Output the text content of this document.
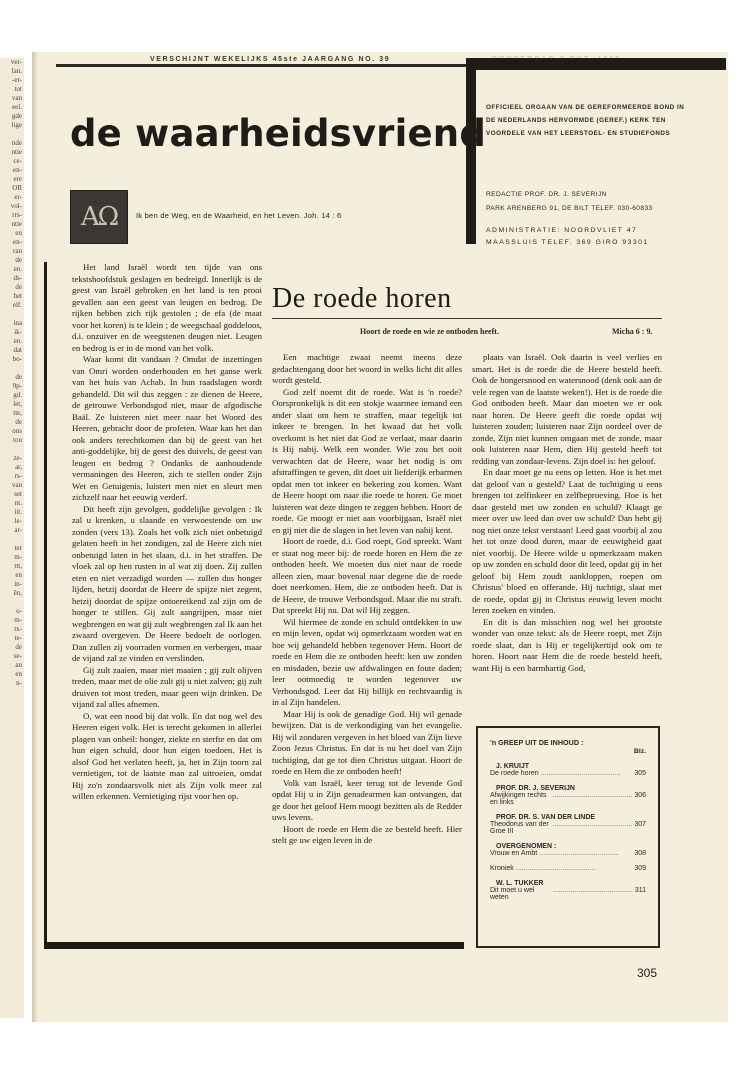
ver-
lan.
-er-
tot
van
eel.
gde
lige

nde
ntie
ce-
en-
ere
OR
er-
vol-
rrs-
ntie
en
en-
ran
de
en.
ds-
de
het
elf.

ina
ik-
en.
dat
bo-

de
9p-
gd.
let,
tte,
de
ons
tou

ze-
ar,
rs-
van
set
nt.
iit.
le-
ar-

ter
m-
ttt,
en
in-
ên,

o-
m-
tx-
te-
de
se-
an
en
n-
VERSCHIJNT WEKELIJKS 45ste JAARGANG NO. 39
de waarheidsvriend
OFFICIEEL ORGAAN VAN DE GEREFORMEERDE BOND IN DE NEDERLANDS HERVORMDE (GEREF.) KERK TEN VOORDELE VAN HET LEERSTOEL- EN STUDIEFONDS
REDACTIE PROF. DR. J. SEVERIJN
PARK ARENBERG 91, DE BILT TELEF. 030-60833
ADMINISTRATIE: NOORDVLIET 47
MAASSLUIS TELEF. 369 GIRO 93301
AΩ Ik ben de Weg, en de Waarheid, en het Leven. Joh. 14 : 6
De roede horen
Hoort de roede en wie ze ontboden heeft.	Micha 6 : 9.

Het land Israël wordt ten tijde van ons tekstshoofdstuk geslagen en bedreigd. Innerlijk is de geest van Israël gebroken en het land is ten prooi gevallen aan een geest van leugen en bedrog. De rijken hebben zich rijk gestolen ; de efa (de maat voor het koren) is te klein ; de weegschaal goddeloos, d.i. onzuiver en de weegstenen deugen niet. Leugen en bedrog is er in de mond van het volk.

Waar komt dit vandaan ? Omdat de inzettingen van Omri worden onderhouden en het ganse werk van het huis van Achab. In hun raadslagen wordt gehandeld. Dit wil dus zeggen : ze dienen de Heere, de getrouwe Verbondsgod niet, maar de afgodische Baäl. Ze luisteren niet meer naar het Woord des Heeren, gebracht door de profeten. Waar kan het dan ook anders terechtkomen dan bij de geest van het anti-goddelijke, bij de geest des duivels, de geest van leugen en bedrog ? Ondanks de aanhoudende vermaningen des Heeren, zich te stellen onder Zijn Wet en Getuigenis, luistert men niet en sleurt men zichzelf naar het eeuwig verderf.

Dit heeft zijn gevolgen, goddelijke gevolgen : Ik zal u krenken, u slaande en verwoestende om uw zonden (vers 13). Zoals het volk zich niet onbetuigd gelaten heeft in het zondigen, zal de Heere zich niet onbetuigd laten in het slaan, d.i. in het straffen. De vloek zal op hen rusten in al wat zij doen. Zij zullen eten en niet verzadigd worden — zullen dus honger lijden, hetzij doordat de Heere de spijze niet zegent, hetzij doordat de spijze ontoereikend zal zijn om de honger te stillen. Gij zult aangrijpen, maar niet wegbrengen en wat gij zult wegbrengen zal Ik aan het zwaard overgeven. De Heere bedoelt de oorlogen. Dan zullen zij voorraden vormen en verbergen, maar de vijand zal ze vinden en verslinden.

Gij zult zaaien, maar niet maaien ; gij zult olijven treden, maar met de olie zult gij u niet zalven; gij zult druiven tot most treden, maar geen wijn drinken. De vijand zal alles afnemen.

O, wat een nood bij dat volk. En dat nog wel des Heeren eigen volk. Het is terecht gekomen in allerlei plagen van onheil: honger, ziekte en sterfte en dat om hun eigen schuld, door hun eigen toedoen. Het is alsof God het verlaten heeft, ja, het in Zijn toorn zal vernietigen, tot de laatste man zal uitroeien, omdat Hij zo'n zondaarsvolk niet als Zijn volk meer zal willen erkennen. Vernietiging rijst voor hen op.

Een machtige zwaai neemt ineens deze gedachtengang door het woord in welks licht dit alles wordt gesteld.

God zelf noemt dit de roede. Wat is 'n roede? Oorspronkelijk is dit een stokje waarmee iemand een ander slaat om hem te straffen, maar tegelijk tot inkeer te brengen. In het kwaad dat het volk overkomt is het niet dat God ze verlaat, maar daarin is Hij nabij. Welk een wonder. Wie zou het ooit verwachten dat de Heere, waar het nodig is om afstraffingen te geven, dit doet uit liefderijk erbarmen opdat men tot inkeer en bekering zou komen. Want de Heere hoopt om naar die roede te horen. Ge moet luisteren wat deze dingen te zeggen hebben. Hoort de roede. Ge moogt er niet aan voorbijgaan, Israël niet en gij niet die de slagen in het leven van nabij kent.

Hoort de roede, d.i. God roept, God spreekt. Want er staat nog meer bij: de roede horen en Hem die ze ontboden heeft. We moeten dus niet naar de roede alleen zien, maar bovenal naar degene die de roede doet neerkomen. Hem, die ze ontboden heeft. Dat is de Heere, de trouwe Verbondsgod. Maar die nu straft. Dat spreekt Hij nu. Dat wil Hij zeggen.

Wil hiermee de zonde en schuld ontdekken in uw en mijn leven, opdat wij opmerkzaam worden wat en hoe wij gehandeld hebben tegenover Hem. Hoort de roede en Hem die ze ontboden heeft: ken uw zonden en misdaden, bezie uw afdwalingen en foute daden; leer ootmoedig te worden tegenover uw Verbondsgod. Leer dat Hij billijk en rechtvaardig is in al Zijn handelen.

Maar Hij is ook de genadige God. Hij wil genade bewijzen. Dat is de verkondiging van het evangelie. Hij wil zondaren vergeven in het bloed van Zijn lieve Zoon Jezus Christus. En dat is nu het doel van Zijn tuchtiging, dat ge tot dien Christus uitgaat. Hoort de roede en Hem die ze ontboden heeft!

Volk van Israël, keer terug tot de levende God opdat Hij u in Zijn genadearmen kan ontvangen, dat ge door het geloof Hem moogt bezitten als de Redder uws levens.

Hoort de roede en Hem die ze besteld heeft. Hier stelt ge uw eigen leven in de

plaats van Israël. Ook daarin is veel verlies en smart. Het is de roede die de Heere besteld heeft. Ook de hongersnood en watersnood (denk ook aan de vele regen van de laatste weken!). Het is de roede die God ontboden heeft. Maar dan moeten we er ook naar horen. De Heere geeft die roede opdat wij luisteren zouden; luisteren naar Zijn oordeel over de zonde, Zijn niet kunnen omgaan met de zonde, maar ook luisteren naar Hem, dien Hij gesteld heeft tot redding van zondaar-levens. Zijn doel is: het geloof.

En daar moet ge nu eens op letten. Hoe is het met dat geloof van u gesteld? Laat de tuchtiging u eens brengen tot zelfinkeer en zelfbeproeving. Hoe is het daar gesteld met uw zonden en schuld? Klaagt ge meer over uw leed dan over uw schuld? Dan hebt gij nog niet onze tekst verstaan! Leed gaat voorbij al zou het tot onze dood duren, maar de eeuwigheid gaat niet voorbij. De Heere wilde u opmerkzaam maken op uw zonden en schuld door dit leed, opdat gij in het geloof bij Hem zoudt aankloppen, roepen om Christus' bloed en offerande. Hij tuchtigt, slaat met de roede, opdat gij in Christus eeuwig leven mocht leren zoeken en vinden.

En dit is dan misschien nog wel het grootste wonder van onze tekst: als de Heere roept, met Zijn roede slaat, dan is Hij er tegelijkertijd ook om te horen. Hoort naar Hem die de roede besteld heeft, want Hij is een barmhartig God,

'n GREEP UIT DE INHOUD :
Blz.
J. KRUIJT
De roede horen .........................................	305
PROF. DR. J. SEVERIJN
Afwijkingen rechts en links
......................................... 306
PROF. DR. S. VAN DER LINDE
Theodorus van der Groe III
......................................... 307
OVERGENOMEN :
Vrouw en Ambt .........................................	308
Kroniek .........................................	309
W. L. TUKKER
Dit moet u wel weten
......................................... 311
305
